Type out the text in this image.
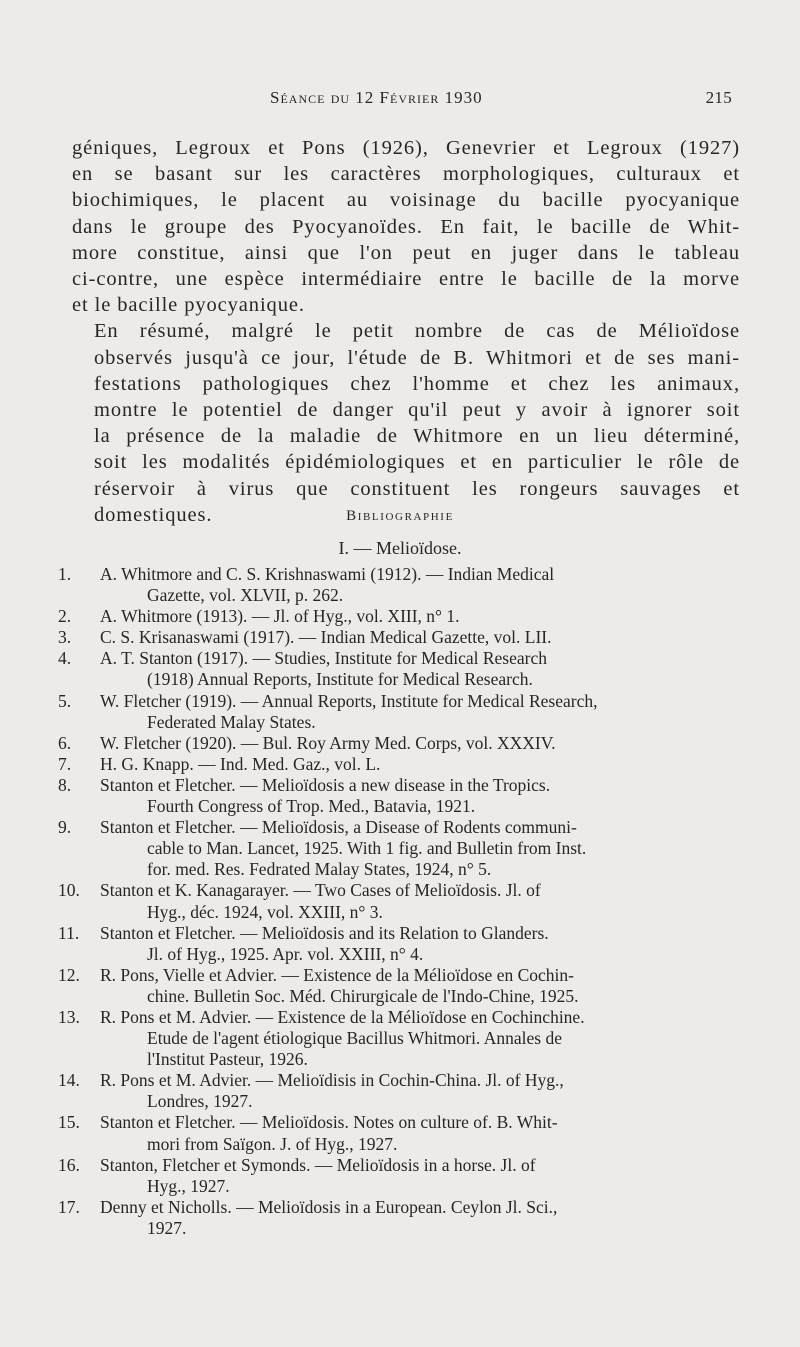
Séance du 12 Février 1930	215

géniques, Legroux et Pons (1926), Genevrier et Legroux (1927)
en se basant sur les caractères morphologiques, culturaux et
biochimiques, le placent au voisinage du bacille pyocyanique
dans le groupe des Pyocyanoïdes. En fait, le bacille de Whit-
more constitue, ainsi que l'on peut en juger dans le tableau
ci-contre, une espèce intermédiaire entre le bacille de la morve
et le bacille pyocyanique.

En résumé, malgré le petit nombre de cas de Mélioïdose
observés jusqu'à ce jour, l'étude de B. Whitmori et de ses mani-
festations pathologiques chez l'homme et chez les animaux,
montre le potentiel de danger qu'il peut y avoir à ignorer soit
la présence de la maladie de Whitmore en un lieu déterminé,
soit les modalités épidémiologiques et en particulier le rôle de
réservoir à virus que constituent les rongeurs sauvages et
domestiques.	Bibliographie
I. — Melioïdose.
1.	A. Whitmore and C. S. Krishnaswami (1912). — Indian Medical
Gazette, vol. XLVII, p. 262.
2.	A. Whitmore (1913). — Jl. of Hyg., vol. XIII, n° 1.
3.	C. S. Krisanaswami (1917). — Indian Medical Gazette, vol. LII.
4.	A. T. Stanton (1917). — Studies, Institute for Medical Research
(1918) Annual Reports, Institute for Medical Research.
5.	W. Fletcher (1919). — Annual Reports, Institute for Medical Research,
Federated Malay States.
6.	W. Fletcher (1920). — Bul. Roy Army Med. Corps, vol. XXXIV.
7.	H. G. Knapp. — Ind. Med. Gaz., vol. L.
8.	Stanton et Fletcher. — Melioïdosis a new disease in the Tropics.
Fourth Congress of Trop. Med., Batavia, 1921.
9.	Stanton et Fletcher. — Melioïdosis, a Disease of Rodents communi-
cable to Man. Lancet, 1925. With 1 fig. and Bulletin from Inst.
for. med. Res. Fedrated Malay States, 1924, n° 5.
10.	Stanton et K. Kanagarayer. — Two Cases of Melioïdosis. Jl. of
Hyg., déc. 1924, vol. XXIII, n° 3.
11.	Stanton et Fletcher. — Melioïdosis and its Relation to Glanders.
Jl. of Hyg., 1925. Apr. vol. XXIII, n° 4.
12.	R. Pons, Vielle et Advier. — Existence de la Mélioïdose en Cochin-
chine. Bulletin Soc. Méd. Chirurgicale de l'Indo-Chine, 1925.
13.	R. Pons et M. Advier. — Existence de la Mélioïdose en Cochinchine.
Etude de l'agent étiologique Bacillus Whitmori. Annales de
l'Institut Pasteur, 1926.
14.	R. Pons et M. Advier. — Melioïdisis in Cochin-China. Jl. of Hyg.,
Londres, 1927.
15.	Stanton et Fletcher. — Melioïdosis. Notes on culture of. B. Whit-
mori from Saïgon. J. of Hyg., 1927.
16.	Stanton, Fletcher et Symonds. — Melioïdosis in a horse. Jl. of
Hyg., 1927.
17.	Denny et Nicholls. — Melioïdosis in a European. Ceylon Jl. Sci.,
1927.
